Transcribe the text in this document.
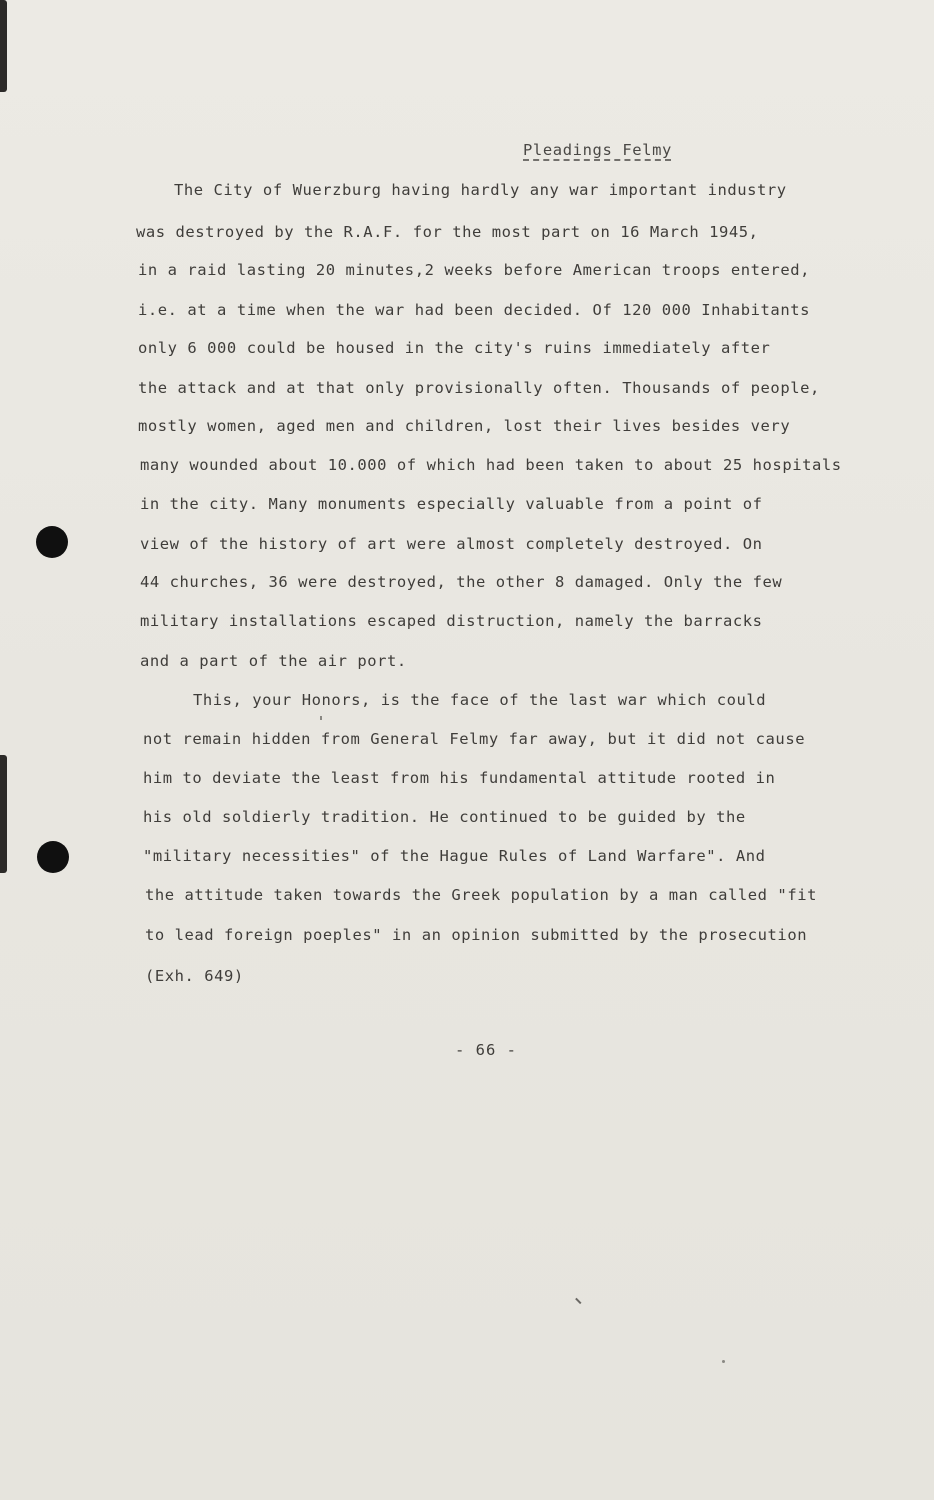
Pleadings Felmy
The City of Wuerzburg having hardly any war important industry
was destroyed by the R.A.F. for the most part on 16 March 1945,
in a raid lasting 20 minutes,2 weeks before American troops entered,
i.e. at a time when the war had been decided. Of 120 000 Inhabitants
only 6 000 could be housed in the city's ruins immediately after
the attack and at that only provisionally often. Thousands of people,
mostly women, aged men and children, lost their lives besides very
many wounded about 10.000 of which had been taken to about 25 hospitals
in the city. Many monuments especially valuable from a point of
view of the history of art were almost completely destroyed. On
44 churches, 36 were destroyed, the other 8 damaged. Only the few
military installations escaped distruction, namely the barracks
and a part of the air port.
This, your Honors, is the face of the last war which could
not remain hidden from General Felmy far away, but it did not cause
him to deviate the least from his fundamental attitude rooted in
his old soldierly tradition. He continued to be guided by the
"military necessities" of the Hague Rules of Land Warfare". And
the attitude taken towards the Greek population by a man called "fit
to lead foreign poeples" in an opinion submitted by the prosecution
(Exh. 649)
- 66 -
